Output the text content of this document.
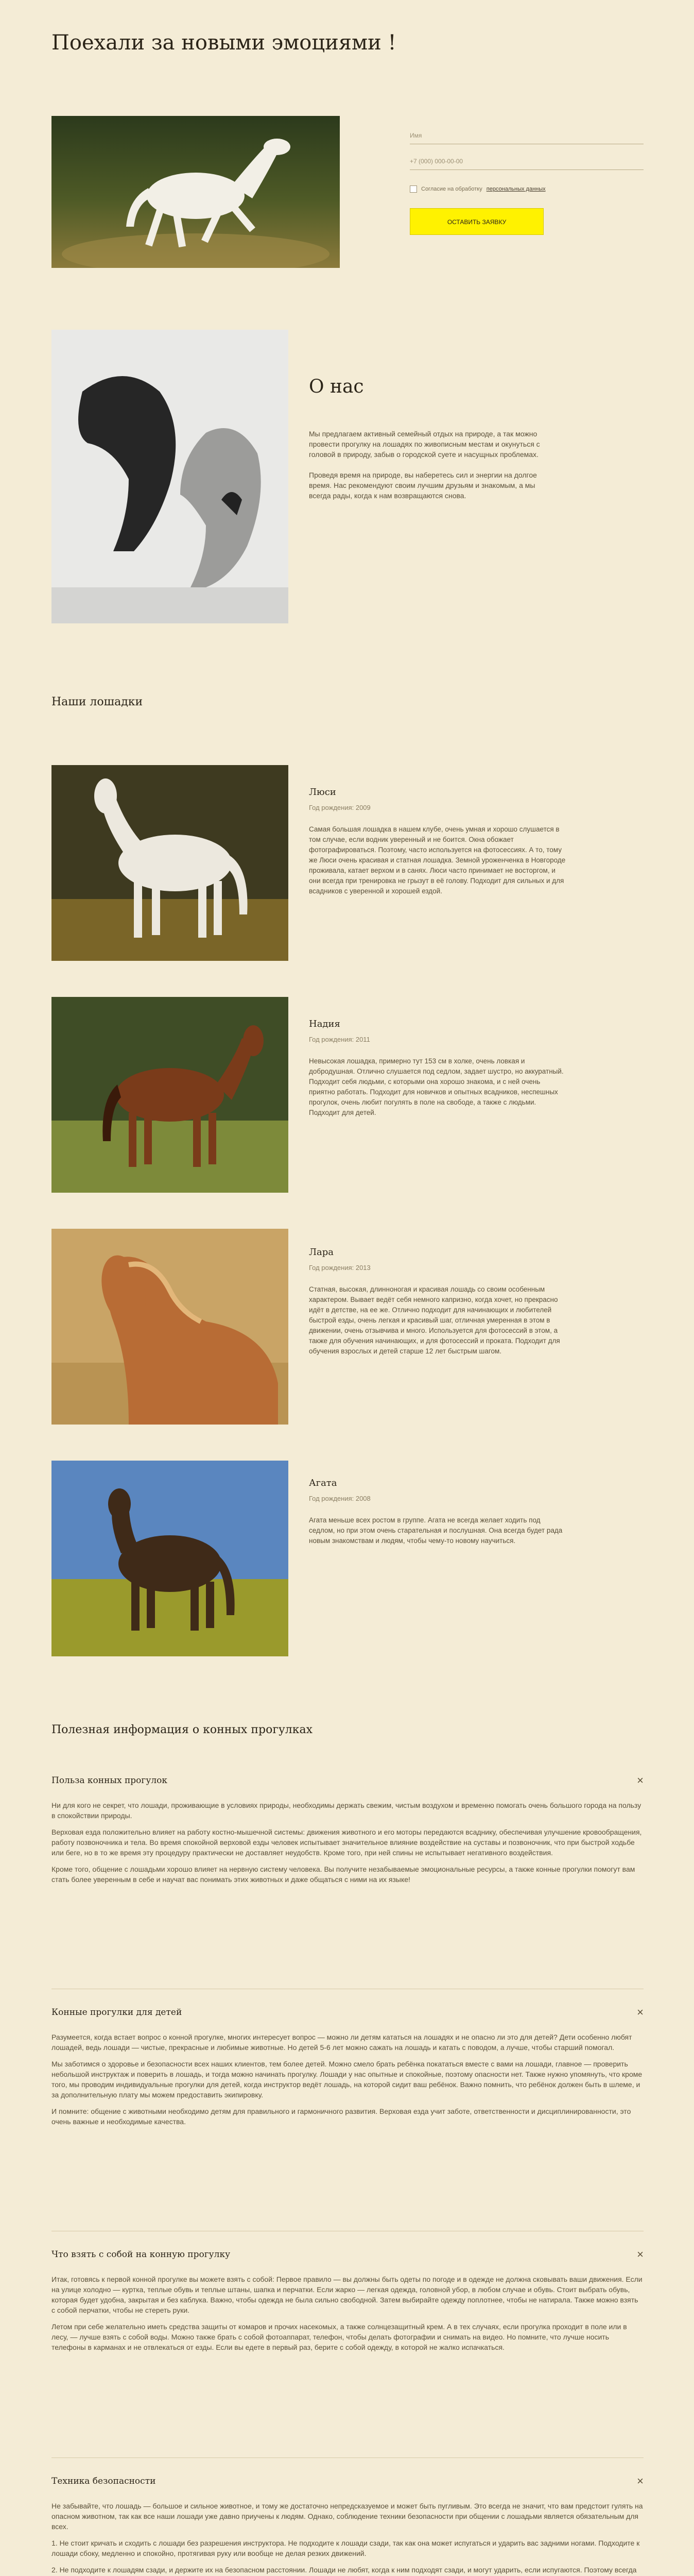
Поехали за новыми эмоциями !
Имя
+7 (000) 000-00-00
Согласие на обработку персональных данных
ОСТАВИТЬ ЗАЯВКУ
О нас

Мы предлагаем активный семейный отдых на природе, а так можно провести прогулку на лошадях по живописным местам и окунуться с головой в природу, забыв о городской суете и насущных проблемах.

Проведя время на природе, вы наберетесь сил и энергии на долгое время. Нас рекомендуют своим лучшим друзьям и знакомым, а мы всегда рады, когда к нам возвращаются снова.

Наши лошадки
Люси
Год рождения: 2009
Самая большая лошадка в нашем клубе, очень умная и хорошо слушается в том случае, если водник уверенный и не боится. Окна обожает фотографироваться. Поэтому, часто используется на фотосессиях. А то, тому же Люси очень красивая и статная лошадка. Земной уроженченка в Новгороде проживала, катает верхом и в санях. Люси часто принимает не восторгом, и они всегда при тренировка не грызут в её голову. Подходит для сильных и для всадников с уверенной и хорошей ездой.
Надия
Год рождения: 2011
Невысокая лошадка, примерно тут 153 см в холке, очень ловкая и добродушная. Отлично слушается под седлом, задает шустро, но аккуратный. Подходит себя людьми, с которыми она хорошо знакома, и с ней очень приятно работать. Подходит для новичков и опытных всадников, неспешных прогулок, очень любит погулять в поле на свободе, а также с людьми. Подходит для детей.
Лара
Год рождения: 2013
Статная, высокая, длинноногая и красивая лошадь со своим особенным характером. Вывает ведёт себя немного капризно, когда хочет, но прекрасно идёт в детстве, на ее же. Отлично подходит для начинающих и любителей быстрой езды, очень легкая и красивый шаг, отличная умеренная в этом в движении, очень отзывчива и много. Используется для фотосессий в этом, а также для обучения начинающих, и для фотосессий и проката. Подходит для обучения взрослых и детей старше 12 лет быстрым шагом.
Агата
Год рождения: 2008
Агата меньше всех ростом в группе. Агата не всегда желает ходить под седлом, но при этом очень старательная и послушная. Она всегда будет рада новым знакомствам и людям, чтобы чему-то новому научиться.
Полезная информация о конных прогулках
Польза конных прогулок	×

Ни для кого не секрет, что лошади, проживающие в условиях природы, необходимы держать свежим, чистым воздухом и временно помогать очень большого города на пользу в спокойствии природы.

Верховая езда положительно влияет на работу костно-мышечной системы: движения животного и его моторы передаются всаднику, обеспечивая улучшение кровообращения, работу позвоночника и тела. Во время спокойной верховой езды человек испытывает значительное влияние воздействие на суставы и позвоночник, что при быстрой ходьбе или беге, но в то же время эту процедуру практически не доставляет неудобств. Кроме того, при ней спины не испытывает негативного воздействия.

Кроме того, общение с лошадьми хорошо влияет на нервную систему человека. Вы получите незабываемые эмоциональные ресурсы, а также конные прогулки помогут вам стать более уверенным в себе и научат вас понимать этих животных и даже общаться с ними на их языке!

Конные прогулки для детей	×

Разумеется, когда встает вопрос о конной прогулке, многих интересует вопрос — можно ли детям кататься на лошадях и не опасно ли это для детей? Дети особенно любят лошадей, ведь лошади — чистые, прекрасные и любимые животные. Но детей 5-6 лет можно сажать на лошадь и катать с поводом, а лучше, чтобы старший помогал.

Мы заботимся о здоровье и безопасности всех наших клиентов, тем более детей. Можно смело брать ребёнка покататься вместе с вами на лошади, главное — проверить небольшой инструктаж и поверить в лошадь, и тогда можно начинать прогулку. Лошади у нас опытные и спокойные, поэтому опасности нет. Также нужно упомянуть, что кроме того, мы проводим индивидуальные прогулки для детей, когда инструктор ведёт лошадь, на которой сидит ваш ребёнок. Важно помнить, что ребёнок должен быть в шлеме, и за дополнительную плату мы можем предоставить экипировку.

И помните: общение с животными необходимо детям для правильного и гармоничного развития. Верховая езда учит заботе, ответственности и дисциплинированности, это очень важные и необходимые качества.

Что взять с собой на конную прогулку	×

Итак, готовясь к первой конной прогулке вы можете взять с собой: Первое правило — вы должны быть одеты по погоде и в одежде не должна сковывать ваши движения. Если на улице холодно — куртка, теплые обувь и теплые штаны, шапка и перчатки. Если жарко — легкая одежда, головной убор, в любом случае и обувь. Стоит выбрать обувь, которая будет удобна, закрытая и без каблука. Важно, чтобы одежда не была сильно свободной. Затем выбирайте одежду поплотнее, чтобы не натирала. Также можно взять с собой перчатки, чтобы не стереть руки.

Летом при себе желательно иметь средства защиты от комаров и прочих насекомых, а также солнцезащитный крем. А в тех случаях, если прогулка проходит в поле или в лесу, — лучше взять с собой воды. Можно также брать с собой фотоаппарат, телефон, чтобы делать фотографии и снимать на видео. Но помните, что лучше носить телефоны в карманах и не отвлекаться от езды. Если вы едете в первый раз, берите с собой одежду, в которой не жалко испачкаться.

Техника безопасности	×

Не забывайте, что лошадь — большое и сильное животное, и тому же достаточно непредсказуемое и может быть пугливым. Это всегда не значит, что вам предстоит гулять на опасном животном, так как все наши лошади уже давно приучены к людям. Однако, соблюдение техники безопасности при общении с лошадьми является обязательным для всех.

1. Не стоит кричать и сходить с лошади без разрешения инструктора. Не подходите к лошади сзади, так как она может испугаться и ударить вас задними ногами. Подходите к лошади сбоку, медленно и спокойно, протягивая руку или вообще не делая резких движений.

2. Не подходите к лошадям сзади, и держите их на безопасном расстоянии. Лошади не любят, когда к ним подходят сзади, и могут ударить, если испугаются. Поэтому всегда
